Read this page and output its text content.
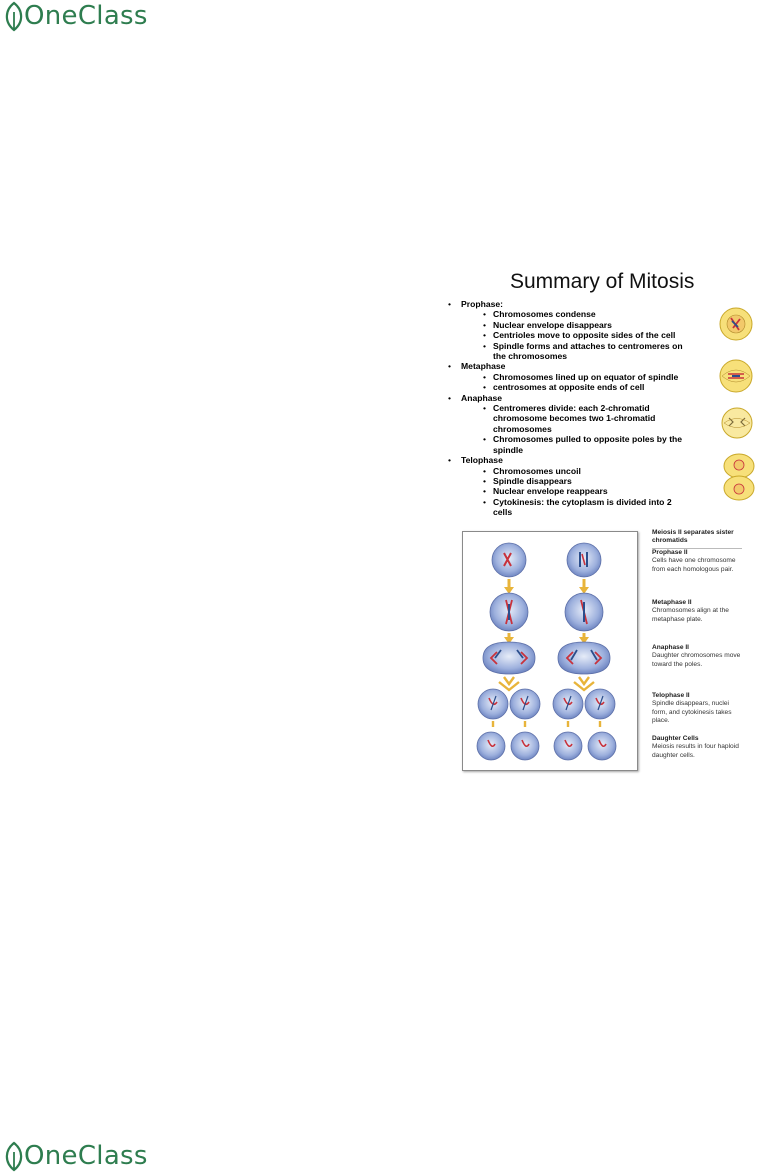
OneClass
Summary of Mitosis
• Prophase:
• Chromosomes condense
• Nuclear envelope disappears
• Centrioles move to opposite sides of the cell
• Spindle forms and attaches to centromeres on
the chromosomes
• Metaphase
• Chromosomes lined up on equator of spindle
• centrosomes at opposite ends of cell
• Anaphase
• Centromeres divide: each 2-chromatid
chromosome becomes two 1-chromatid
chromosomes
• Chromosomes pulled to opposite poles by the
spindle
• Telophase
• Chromosomes uncoil
• Spindle disappears
• Nuclear envelope reappears
• Cytokinesis: the cytoplasm is divided into 2
cells
Meiosis II separates sister chromatids
Prophase II
Cells have one chromosome from each homologous pair.
Metaphase II
Chromosomes align at the metaphase plate.
Anaphase II
Daughter chromosomes move toward the poles.
Telophase II
Spindle disappears, nuclei form, and cytokinesis takes place.
Daughter Cells
Meiosis results in four haploid daughter cells.
OneClass
